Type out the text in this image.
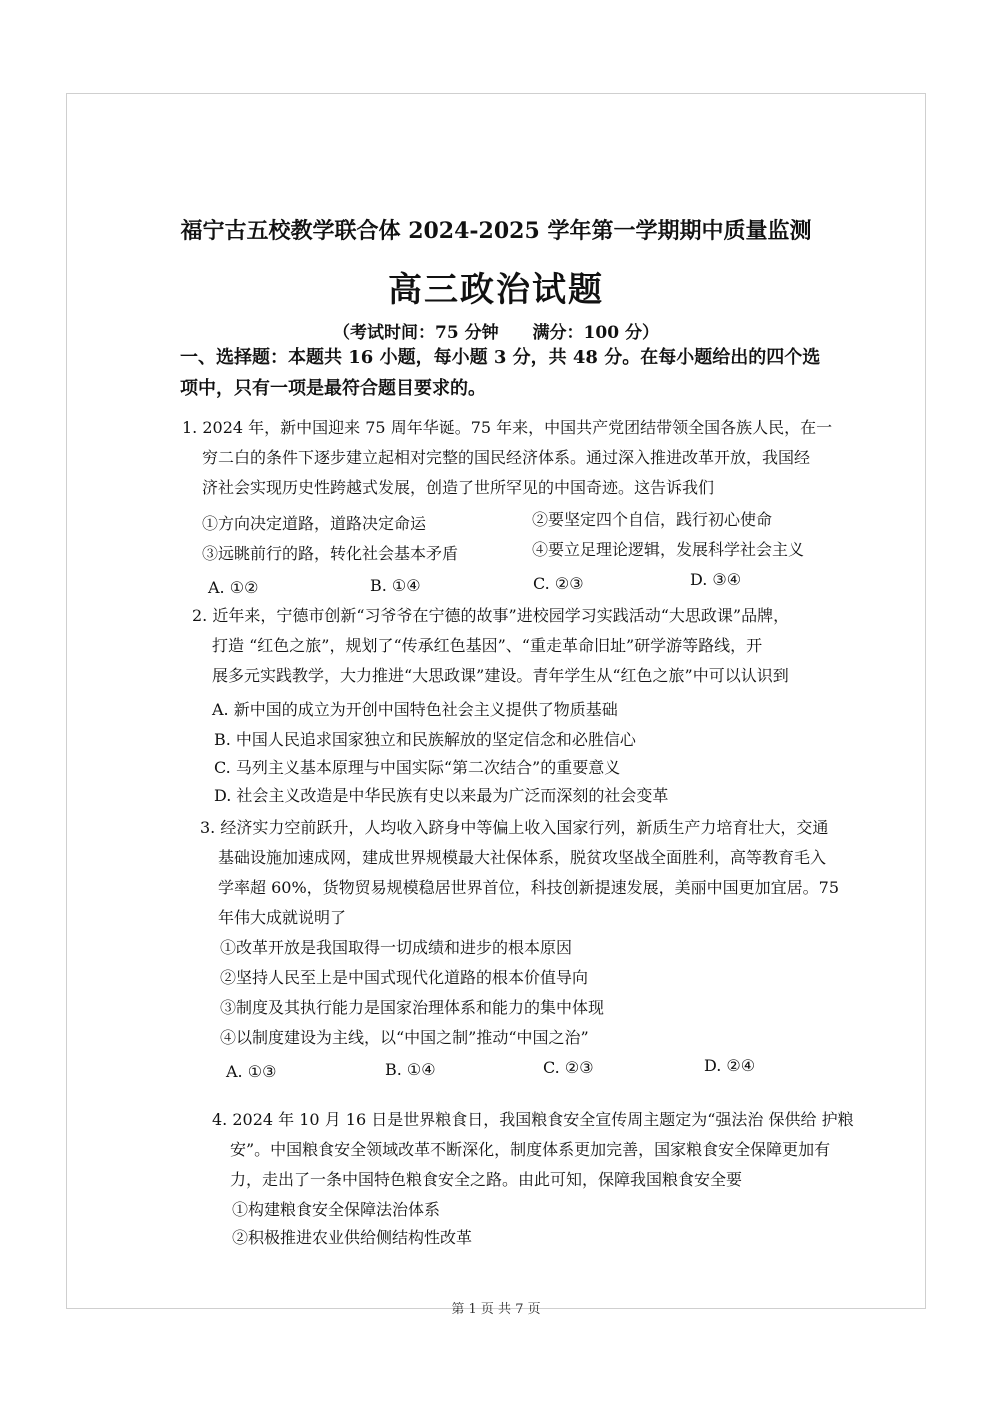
福宁古五校教学联合体 2024-2025 学年第一学期期中质量监测
高三政治试题
（考试时间：75 分钟 满分：100 分）
一、选择题：本题共 16 小题，每小题 3 分，共 48 分。在每小题给出的四个选
项中，只有一项是最符合题目要求的。
1. 2024 年，新中国迎来 75 周年华诞。75 年来，中国共产党团结带领全国各族人民，在一
穷二白的条件下逐步建立起相对完整的国民经济体系。通过深入推进改革开放，我国经
济社会实现历史性跨越式发展，创造了世所罕见的中国奇迹。这告诉我们
①方向决定道路，道路决定命运	②要坚定四个自信，践行初心使命
③远眺前行的路，转化社会基本矛盾	④要立足理论逻辑，发展科学社会主义
A. ①②	B. ①④	C. ②③	D. ③④
2. 近年来，宁德市创新“习爷爷在宁德的故事”进校园学习实践活动“大思政课”品牌，
打造 “红色之旅”，规划了“传承红色基因”、“重走革命旧址”研学游等路线，开
展多元实践教学，大力推进“大思政课”建设。青年学生从“红色之旅”中可以认识到
A. 新中国的成立为开创中国特色社会主义提供了物质基础
B. 中国人民追求国家独立和民族解放的坚定信念和必胜信心
C. 马列主义基本原理与中国实际“第二次结合”的重要意义
D. 社会主义改造是中华民族有史以来最为广泛而深刻的社会变革
3. 经济实力空前跃升，人均收入跻身中等偏上收入国家行列，新质生产力培育壮大，交通
基础设施加速成网，建成世界规模最大社保体系，脱贫攻坚战全面胜利，高等教育毛入
学率超 60%，货物贸易规模稳居世界首位，科技创新提速发展，美丽中国更加宜居。75
年伟大成就说明了
①改革开放是我国取得一切成绩和进步的根本原因
②坚持人民至上是中国式现代化道路的根本价值导向
③制度及其执行能力是国家治理体系和能力的集中体现
④以制度建设为主线，以“中国之制”推动“中国之治”
A. ①③	B. ①④	C. ②③	D. ②④
4. 2024 年 10 月 16 日是世界粮食日，我国粮食安全宣传周主题定为“强法治 保供给 护粮
安”。中国粮食安全领域改革不断深化，制度体系更加完善，国家粮食安全保障更加有
力，走出了一条中国特色粮食安全之路。由此可知，保障我国粮食安全要
①构建粮食安全保障法治体系
②积极推进农业供给侧结构性改革
第 1 页 共 7 页
